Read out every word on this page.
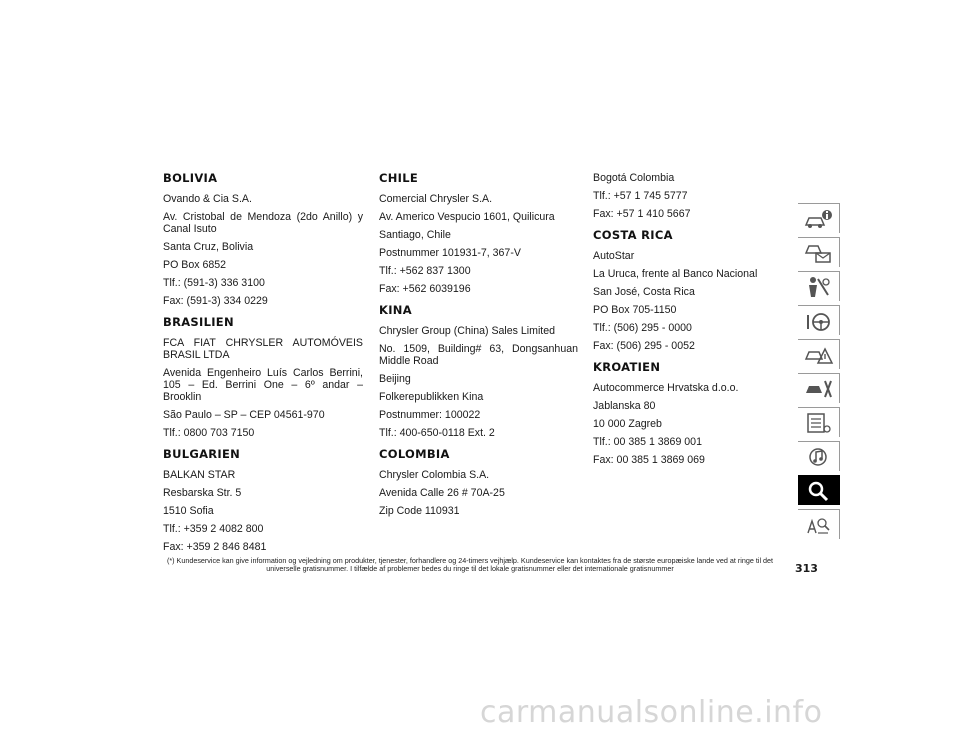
BOLIVIA

Ovando & Cia S.A.

Av. Cristobal de Mendoza (2do Anillo) y Canal Isuto

Santa Cruz, Bolivia

PO Box 6852

Tlf.: (591-3) 336 3100

Fax: (591-3) 334 0229

BRASILIEN

FCA FIAT CHRYSLER AUTOMÓVEIS BRASIL LTDA

Avenida Engenheiro Luís Carlos Berrini, 105 – Ed. Berrini One – 6º andar – Brooklin

São Paulo – SP – CEP 04561-970

Tlf.: 0800 703 7150

BULGARIEN

BALKAN STAR

Resbarska Str. 5

1510 Sofia

Tlf.: +359 2 4082 800

Fax: +359 2 846 8481

CHILE

Comercial Chrysler S.A.

Av. Americo Vespucio 1601, Quilicura

Santiago, Chile

Postnummer 101931-7, 367-V

Tlf.: +562 837 1300

Fax: +562 6039196

KINA

Chrysler Group (China) Sales Limited

No. 1509, Building# 63, Dongsanhuan Middle Road

Beijing

Folkerepublikken Kina

Postnummer: 100022

Tlf.: 400-650-0118 Ext. 2

COLOMBIA

Chrysler Colombia S.A.

Avenida Calle 26 # 70A-25

Zip Code 110931

Bogotá Colombia

Tlf.: +57 1 745 5777

Fax: +57 1 410 5667

COSTA RICA

AutoStar

La Uruca, frente al Banco Nacional

San José, Costa Rica

PO Box 705-1150

Tlf.: (506) 295 - 0000

Fax: (506) 295 - 0052

KROATIEN

Autocommerce Hrvatska d.o.o.

Jablanska 80

10 000 Zagreb

Tlf.: 00 385 1 3869 001

Fax: 00 385 1 3869 069

(*) Kundeservice kan give information og vejledning om produkter, tjenester, forhandlere og 24-timers vejhjælp. Kundeservice kan kontaktes fra de største europæiske lande ved at ringe til det universelle gratisnummer. I tilfælde af problemer bedes du ringe til det lokale gratisnummer eller det internationale gratisnummer	313
carmanualsonline.info
